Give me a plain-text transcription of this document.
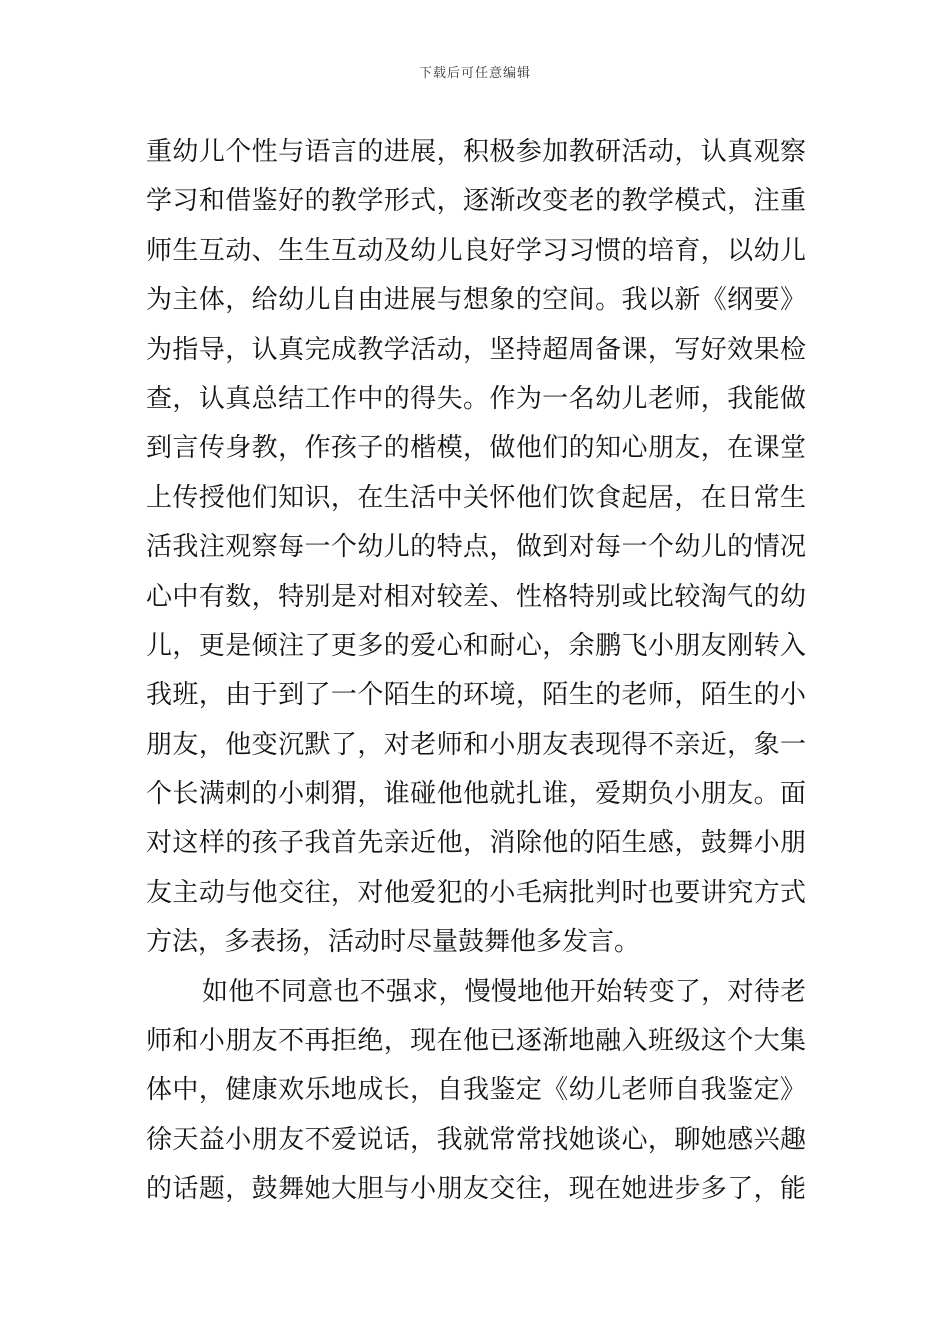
下载后可任意编辑
重幼儿个性与语言的进展，积极参加教研活动，认真观察
学习和借鉴好的教学形式，逐渐改变老的教学模式，注重
师生互动、生生互动及幼儿良好学习习惯的培育，以幼儿
为主体，给幼儿自由进展与想象的空间。我以新《纲要》
为指导，认真完成教学活动，坚持超周备课，写好效果检
查，认真总结工作中的得失。作为一名幼儿老师，我能做
到言传身教，作孩子的楷模，做他们的知心朋友，在课堂
上传授他们知识，在生活中关怀他们饮食起居，在日常生
活我注观察每一个幼儿的特点，做到对每一个幼儿的情况
心中有数，特别是对相对较差、性格特别或比较淘气的幼
儿，更是倾注了更多的爱心和耐心，余鹏飞小朋友刚转入
我班，由于到了一个陌生的环境，陌生的老师，陌生的小
朋友，他变沉默了，对老师和小朋友表现得不亲近，象一
个长满刺的小刺猬，谁碰他他就扎谁，爱期负小朋友。面
对这样的孩子我首先亲近他，消除他的陌生感，鼓舞小朋
友主动与他交往，对他爱犯的小毛病批判时也要讲究方式
方法，多表扬，活动时尽量鼓舞他多发言。
如他不同意也不强求，慢慢地他开始转变了，对待老
师和小朋友不再拒绝，现在他已逐渐地融入班级这个大集
体中，健康欢乐地成长，自我鉴定《幼儿老师自我鉴定》
徐天益小朋友不爱说话，我就常常找她谈心，聊她感兴趣
的话题，鼓舞她大胆与小朋友交往，现在她进步多了，能
